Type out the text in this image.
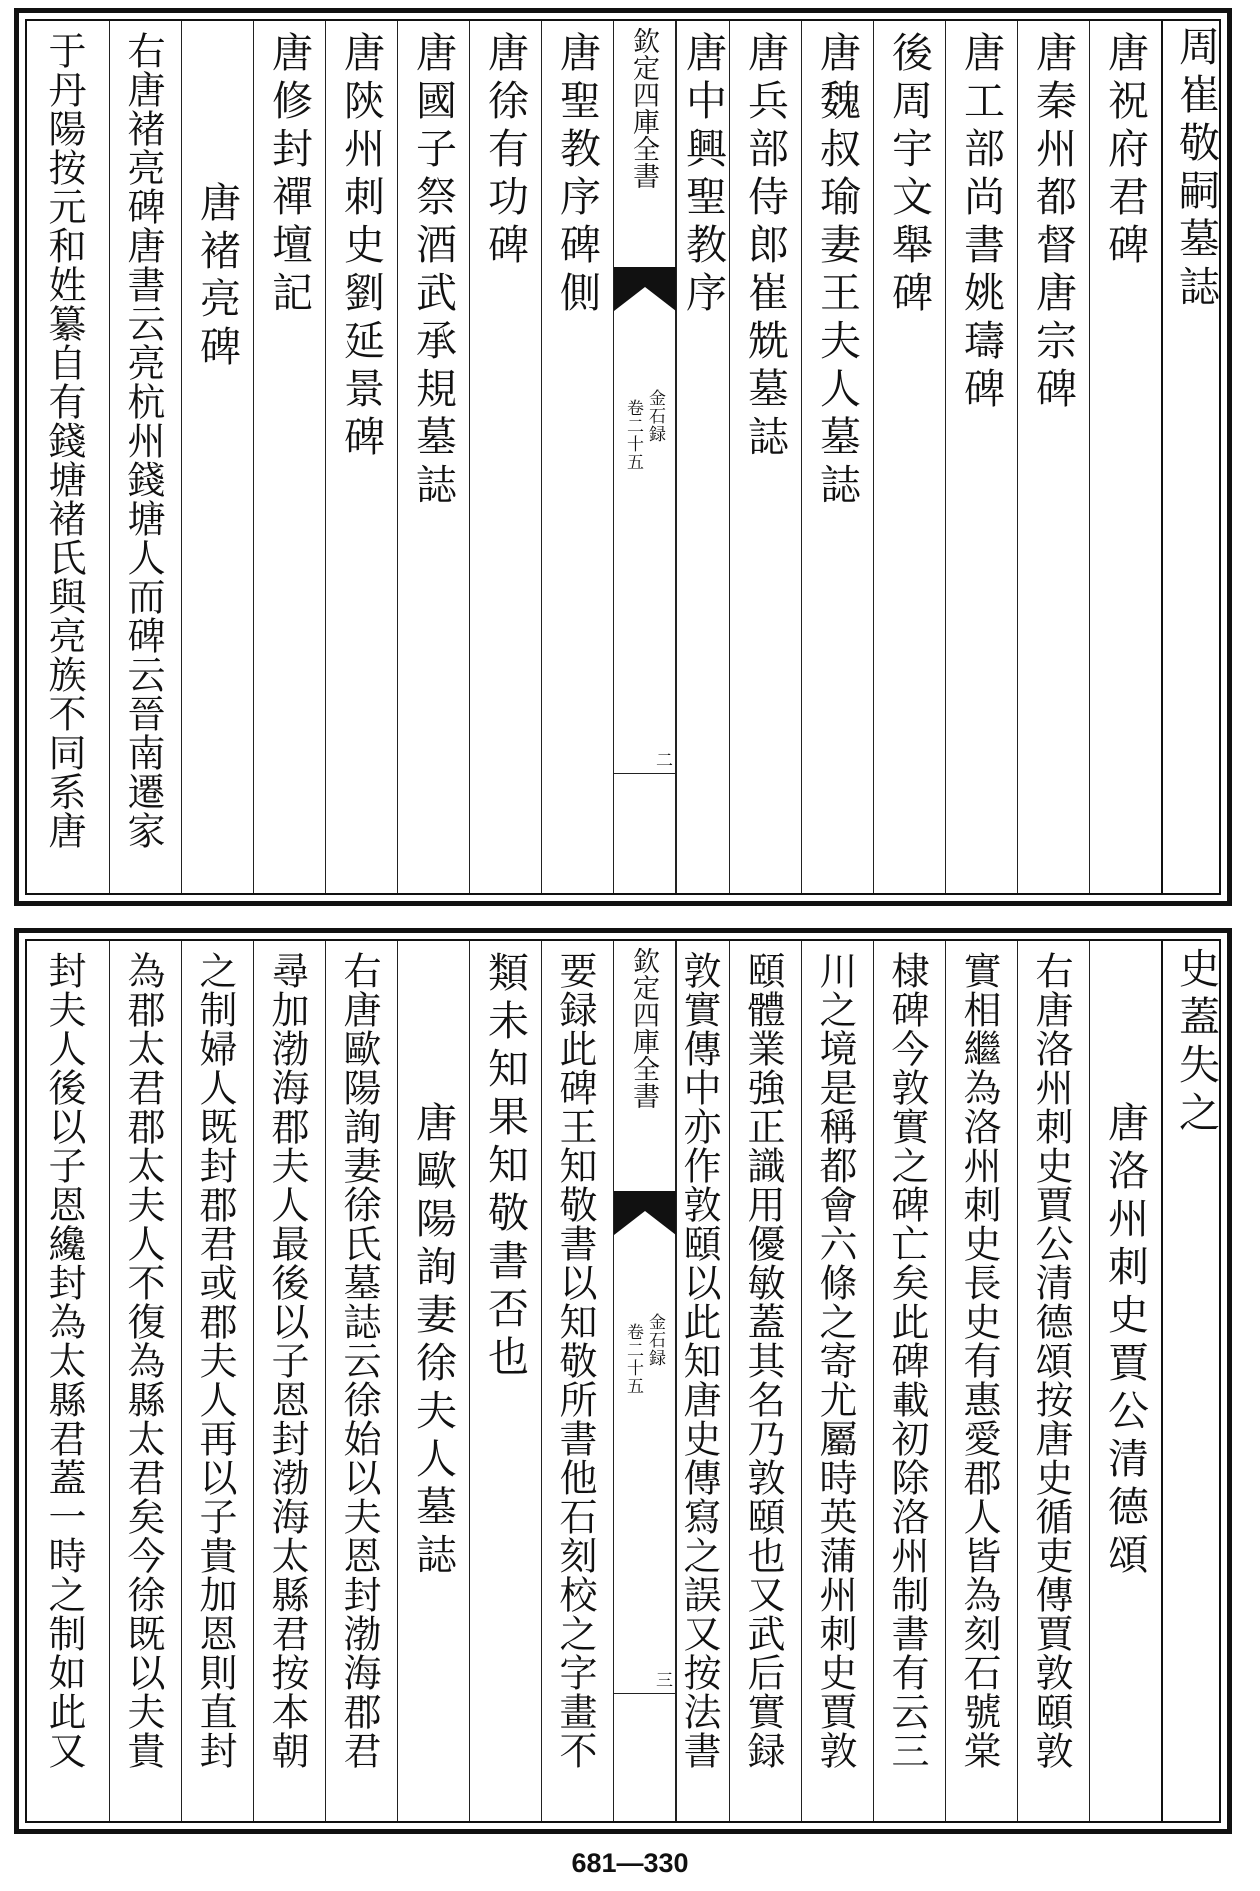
周崔敬嗣墓誌
唐祝府君碑
唐秦州都督唐宗碑
唐工部尚書姚璹碑
後周宇文舉碑
唐魏叔瑜妻王夫人墓誌
唐兵部侍郎崔兟墓誌
唐中興聖教序
欽定四庫全書
金石録
卷二十五
二
唐聖教序碑側
唐徐有功碑
唐國子祭酒武承規墓誌
唐陝州刺史劉延景碑
唐修封禪壇記
唐褚亮碑
右唐褚亮碑唐書云亮杭州錢塘人而碑云晉南遷家
于丹陽按元和姓纂自有錢塘褚氏與亮族不同系唐
史蓋失之
唐洛州刺史賈公清德頌
右唐洛州刺史賈公清德頌按唐史循吏傳賈敦頤敦
實相繼為洛州刺史長史有惠愛郡人皆為刻石號棠
棣碑今敦實之碑亡矣此碑載初除洛州制書有云三
川之境是稱都會六條之寄尤屬時英蒲州刺史賈敦
頤體業強正識用優敏蓋其名乃敦頤也又武后實録
敦實傳中亦作敦頤以此知唐史傳寫之誤又按法書
欽定四庫全書
金石録
卷二十五
三
要録此碑王知敬書以知敬所書他石刻校之字畫不
類未知果知敬書否也
唐歐陽詢妻徐夫人墓誌
右唐歐陽詢妻徐氏墓誌云徐始以夫恩封渤海郡君
尋加渤海郡夫人最後以子恩封渤海太縣君按本朝
之制婦人既封郡君或郡夫人再以子貴加恩則直封
為郡太君郡太夫人不復為縣太君矣今徐既以夫貴
封夫人後以子恩纔封為太縣君蓋一時之制如此又
681—330
